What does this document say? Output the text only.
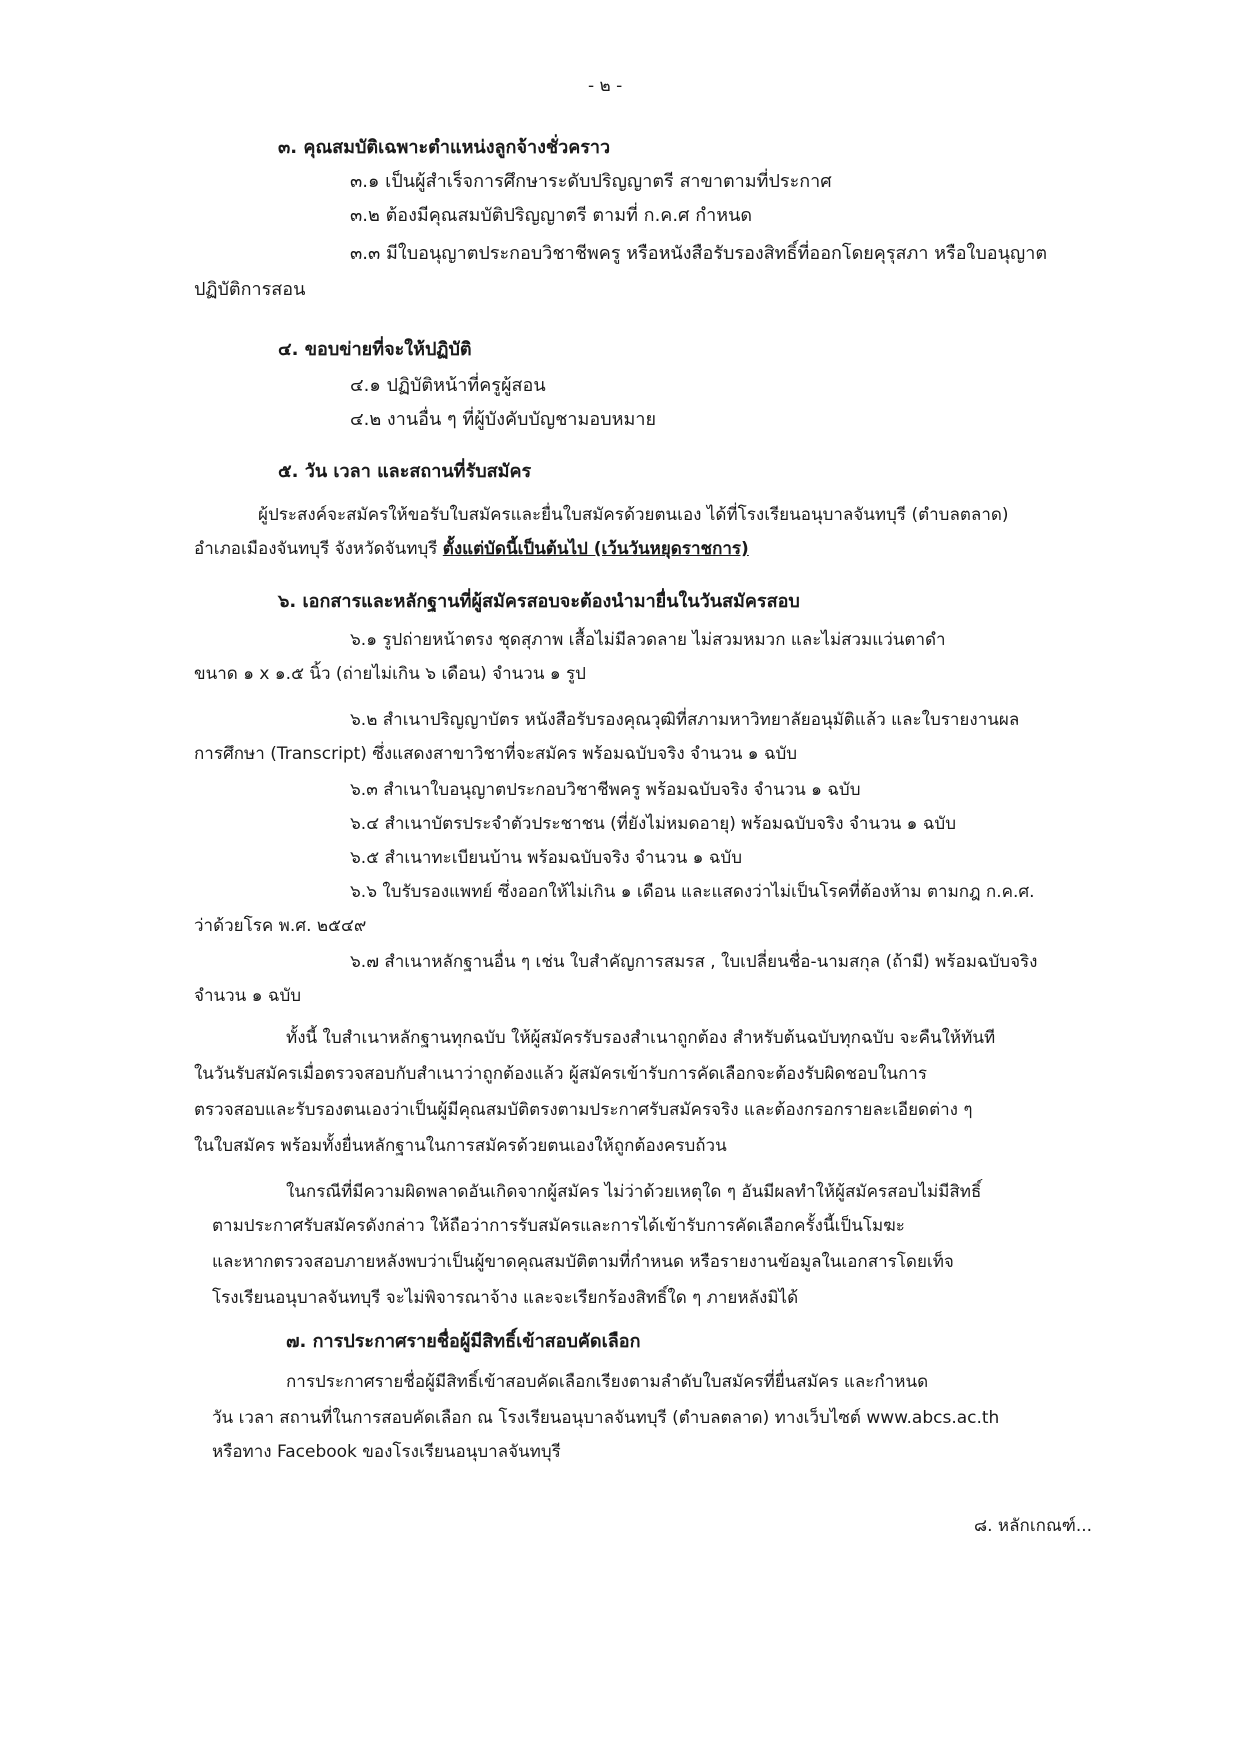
- ๒ -
๓. คุณสมบัติเฉพาะตำแหน่งลูกจ้างชั่วคราว
๓.๑ เป็นผู้สำเร็จการศึกษาระดับปริญญาตรี สาขาตามที่ประกาศ
๓.๒ ต้องมีคุณสมบัติปริญญาตรี ตามที่ ก.ค.ศ กำหนด
๓.๓ มีใบอนุญาตประกอบวิชาชีพครู หรือหนังสือรับรองสิทธิ์ที่ออกโดยคุรุสภา หรือใบอนุญาต
ปฏิบัติการสอน
๔. ขอบข่ายที่จะให้ปฏิบัติ
๔.๑ ปฏิบัติหน้าที่ครูผู้สอน
๔.๒ งานอื่น ๆ ที่ผู้บังคับบัญชามอบหมาย
๕. วัน เวลา และสถานที่รับสมัคร
ผู้ประสงค์จะสมัครให้ขอรับใบสมัครและยื่นใบสมัครด้วยตนเอง ได้ที่โรงเรียนอนุบาลจันทบุรี (ตำบลตลาด)
อำเภอเมืองจันทบุรี จังหวัดจันทบุรี ตั้งแต่บัดนี้เป็นต้นไป (เว้นวันหยุดราชการ)
๖. เอกสารและหลักฐานที่ผู้สมัครสอบจะต้องนำมายื่นในวันสมัครสอบ
๖.๑ รูปถ่ายหน้าตรง ชุดสุภาพ เสื้อไม่มีลวดลาย ไม่สวมหมวก และไม่สวมแว่นตาดำ
ขนาด ๑ x ๑.๕ นิ้ว (ถ่ายไม่เกิน ๖ เดือน) จำนวน ๑ รูป
๖.๒ สำเนาปริญญาบัตร หนังสือรับรองคุณวุฒิที่สภามหาวิทยาลัยอนุมัติแล้ว และใบรายงานผล
การศึกษา (Transcript) ซึ่งแสดงสาขาวิชาที่จะสมัคร พร้อมฉบับจริง จำนวน ๑ ฉบับ
๖.๓ สำเนาใบอนุญาตประกอบวิชาชีพครู พร้อมฉบับจริง จำนวน ๑ ฉบับ
๖.๔ สำเนาบัตรประจำตัวประชาชน (ที่ยังไม่หมดอายุ) พร้อมฉบับจริง จำนวน ๑ ฉบับ
๖.๕ สำเนาทะเบียนบ้าน พร้อมฉบับจริง จำนวน ๑ ฉบับ
๖.๖ ใบรับรองแพทย์ ซึ่งออกให้ไม่เกิน ๑ เดือน และแสดงว่าไม่เป็นโรคที่ต้องห้าม ตามกฎ ก.ค.ศ.
ว่าด้วยโรค พ.ศ. ๒๕๔๙
๖.๗ สำเนาหลักฐานอื่น ๆ เช่น ใบสำคัญการสมรส , ใบเปลี่ยนชื่อ-นามสกุล (ถ้ามี) พร้อมฉบับจริง
จำนวน ๑ ฉบับ
ทั้งนี้ ใบสำเนาหลักฐานทุกฉบับ ให้ผู้สมัครรับรองสำเนาถูกต้อง สำหรับต้นฉบับทุกฉบับ จะคืนให้ทันที
ในวันรับสมัครเมื่อตรวจสอบกับสำเนาว่าถูกต้องแล้ว ผู้สมัครเข้ารับการคัดเลือกจะต้องรับผิดชอบในการ
ตรวจสอบและรับรองตนเองว่าเป็นผู้มีคุณสมบัติตรงตามประกาศรับสมัครจริง และต้องกรอกรายละเอียดต่าง ๆ
ในใบสมัคร พร้อมทั้งยื่นหลักฐานในการสมัครด้วยตนเองให้ถูกต้องครบถ้วน
ในกรณีที่มีความผิดพลาดอันเกิดจากผู้สมัคร ไม่ว่าด้วยเหตุใด ๆ อันมีผลทำให้ผู้สมัครสอบไม่มีสิทธิ์
ตามประกาศรับสมัครดังกล่าว ให้ถือว่าการรับสมัครและการได้เข้ารับการคัดเลือกครั้งนี้เป็นโมฆะ
และหากตรวจสอบภายหลังพบว่าเป็นผู้ขาดคุณสมบัติตามที่กำหนด หรือรายงานข้อมูลในเอกสารโดยเท็จ
โรงเรียนอนุบาลจันทบุรี จะไม่พิจารณาจ้าง และจะเรียกร้องสิทธิ์ใด ๆ ภายหลังมิได้
๗. การประกาศรายชื่อผู้มีสิทธิ์เข้าสอบคัดเลือก
การประกาศรายชื่อผู้มีสิทธิ์เข้าสอบคัดเลือกเรียงตามลำดับใบสมัครที่ยื่นสมัคร และกำหนด
วัน เวลา สถานที่ในการสอบคัดเลือก ณ โรงเรียนอนุบาลจันทบุรี (ตำบลตลาด) ทางเว็บไซต์ www.abcs.ac.th
หรือทาง Facebook ของโรงเรียนอนุบาลจันทบุรี
๘. หลักเกณฑ์...
